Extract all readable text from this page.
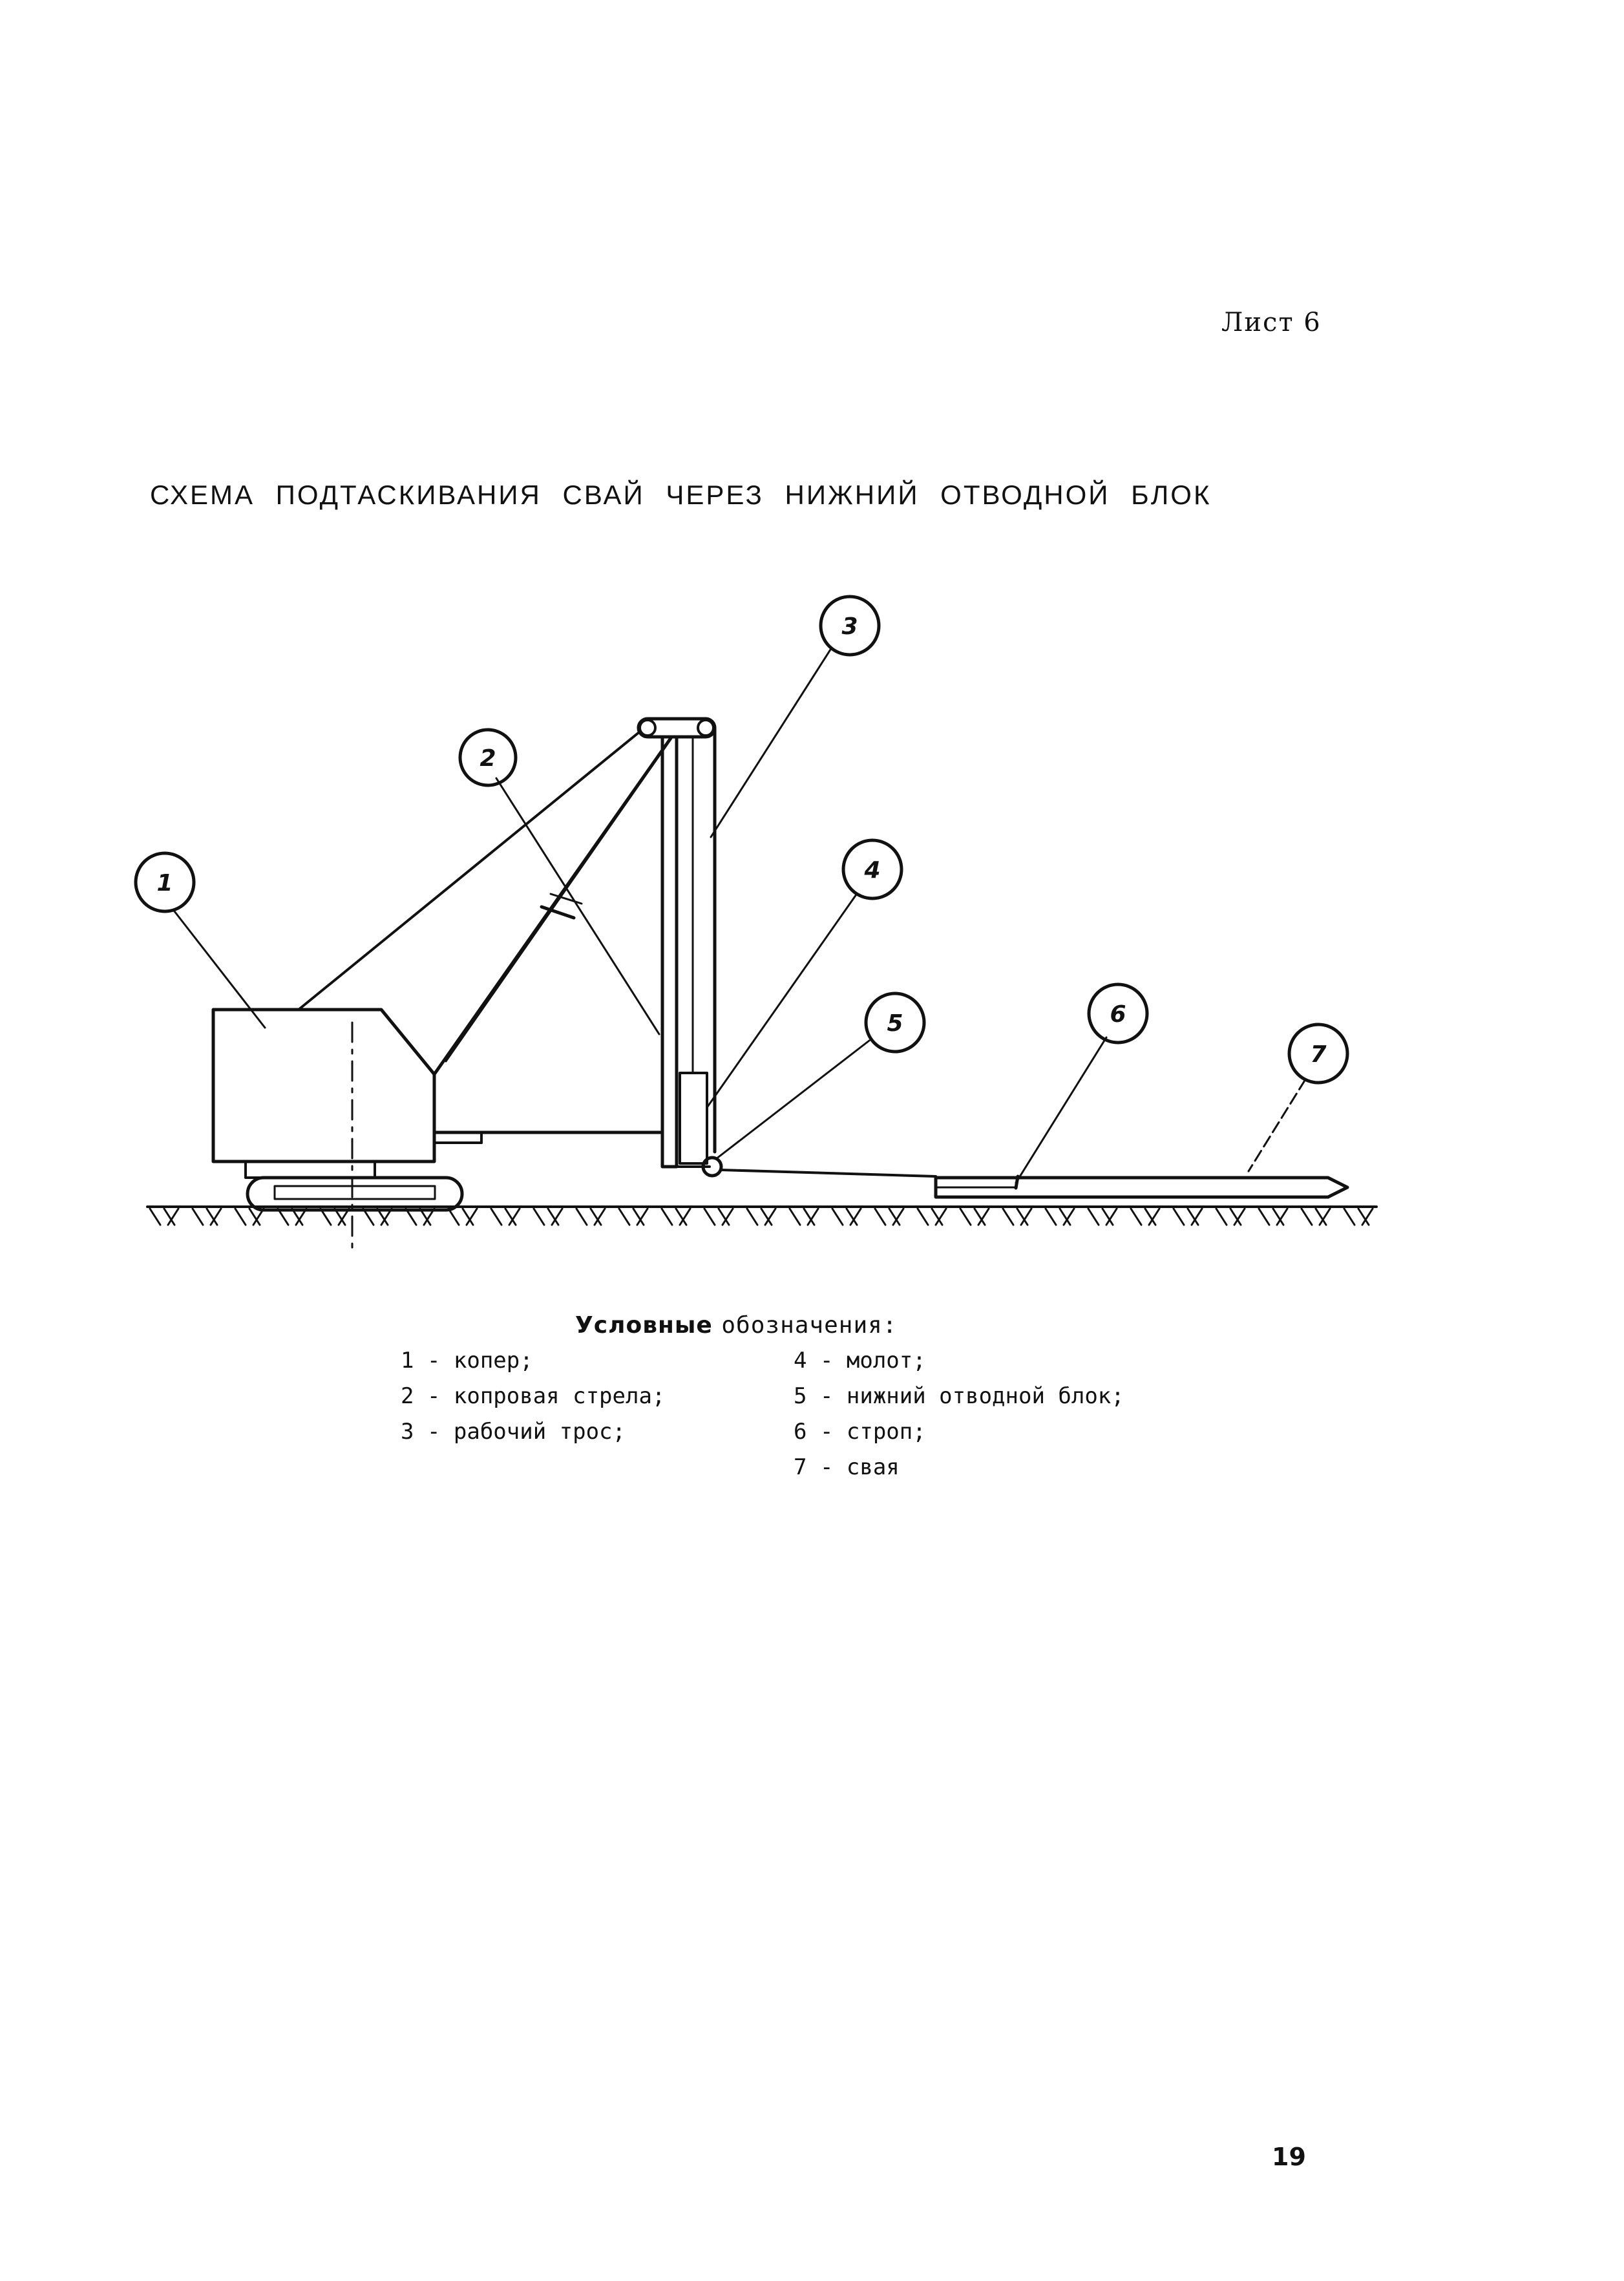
Лист 6
СХЕМА ПОДТАСКИВАНИЯ СВАЙ ЧЕРЕЗ НИЖНИЙ ОТВОДНОЙ БЛОК
1
2
3
4
5	6
7
Условные обозначения:
1 - копер;
2 - копровая стрела;
3 - рабочий трос;
4 - молот;
5 - нижний отводной блок;
6 - строп;
7 - свая
19
